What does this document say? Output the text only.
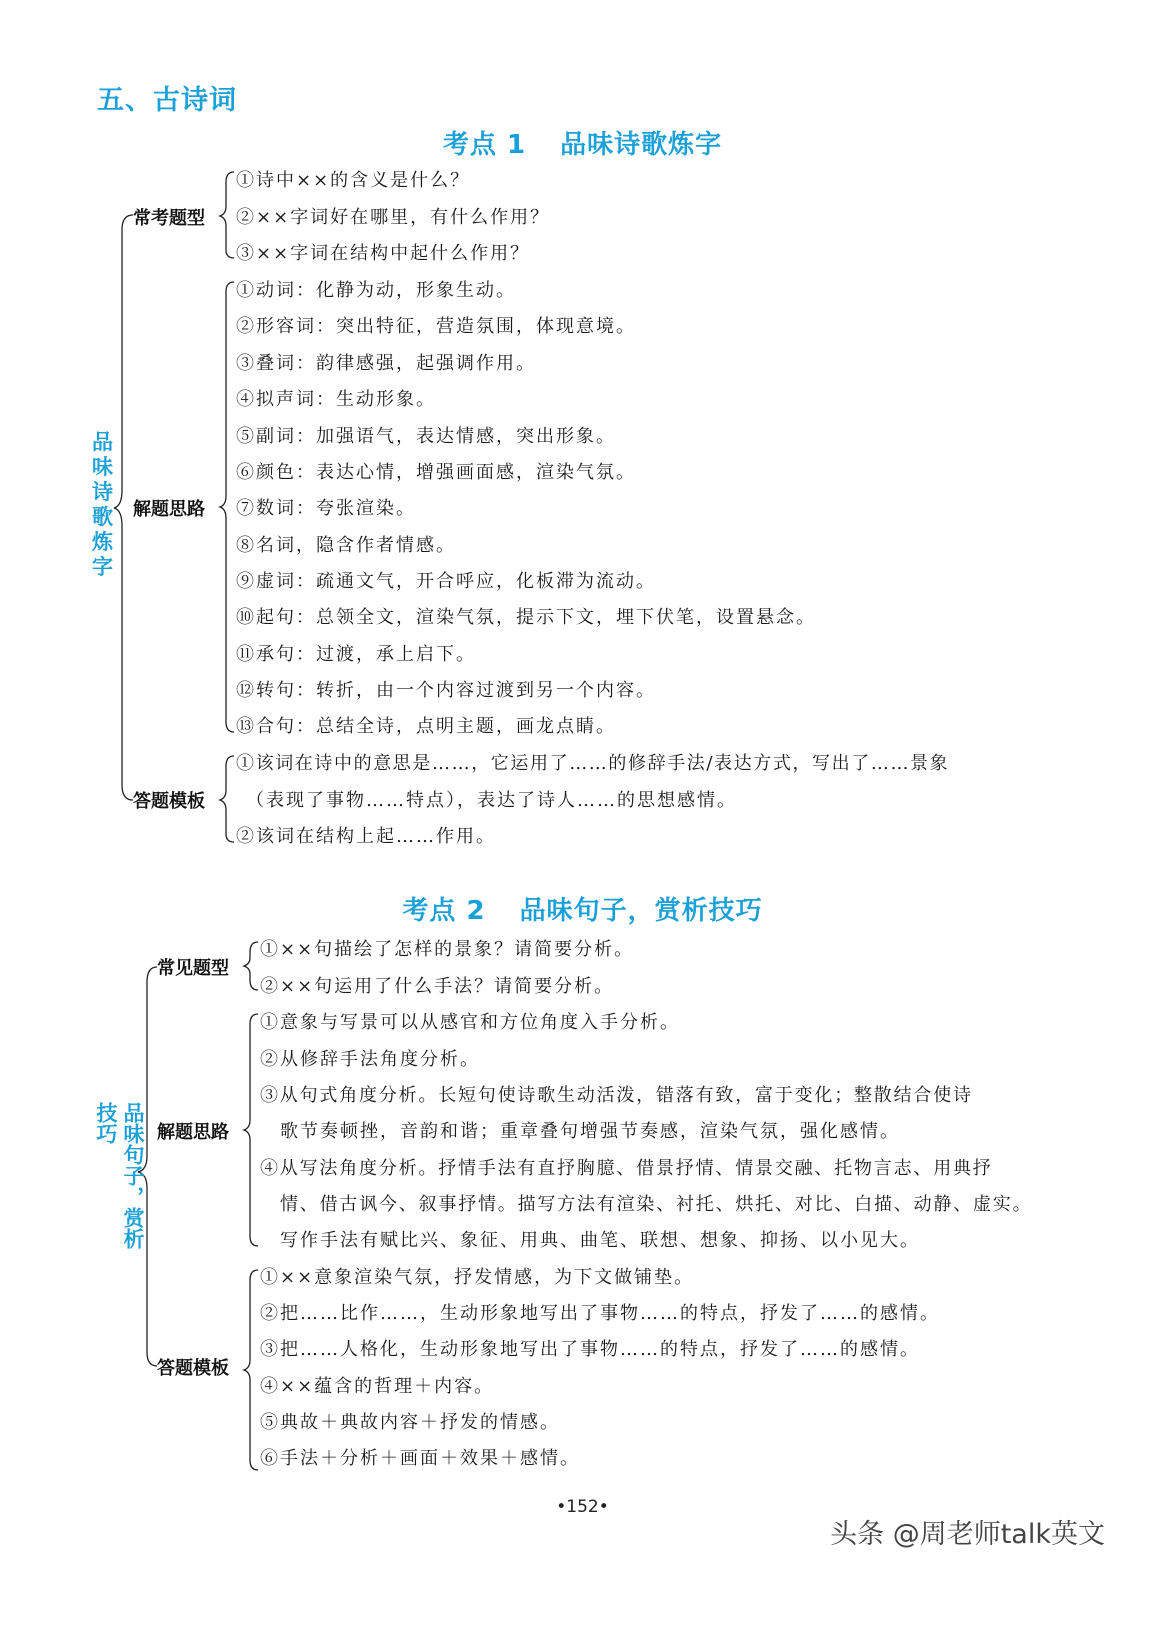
五、古诗词
考点 1 品味诗歌炼字
品味诗歌炼字
常考题型
解题思路
答题模板
①诗中××的含义是什么？
②××字词好在哪里，有什么作用？
③××字词在结构中起什么作用？
①动词：化静为动，形象生动。
②形容词：突出特征，营造氛围，体现意境。
③叠词：韵律感强，起强调作用。
④拟声词：生动形象。
⑤副词：加强语气，表达情感，突出形象。
⑥颜色：表达心情，增强画面感，渲染气氛。
⑦数词：夸张渲染。
⑧名词，隐含作者情感。
⑨虚词：疏通文气，开合呼应，化板滞为流动。
⑩起句：总领全文，渲染气氛，提示下文，埋下伏笔，设置悬念。
⑪承句：过渡，承上启下。
⑫转句：转折，由一个内容过渡到另一个内容。
⑬合句：总结全诗，点明主题，画龙点睛。
①该词在诗中的意思是……，它运用了……的修辞手法/表达方式，写出了……景象
（表现了事物……特点），表达了诗人……的思想感情。
②该词在结构上起……作用。
考点 2 品味句子，赏析技巧
品味句子，赏析技巧
常见题型
解题思路
答题模板
①××句描绘了怎样的景象？请简要分析。
②××句运用了什么手法？请简要分析。
①意象与写景可以从感官和方位角度入手分析。
②从修辞手法角度分析。
③从句式角度分析。长短句使诗歌生动活泼，错落有致，富于变化；整散结合使诗
歌节奏顿挫，音韵和谐；重章叠句增强节奏感，渲染气氛，强化感情。
④从写法角度分析。抒情手法有直抒胸臆、借景抒情、情景交融、托物言志、用典抒
情、借古讽今、叙事抒情。描写方法有渲染、衬托、烘托、对比、白描、动静、虚实。
写作手法有赋比兴、象征、用典、曲笔、联想、想象、抑扬、以小见大。
①××意象渲染气氛，抒发情感，为下文做铺垫。
②把……比作……，生动形象地写出了事物……的特点，抒发了……的感情。
③把……人格化，生动形象地写出了事物……的特点，抒发了……的感情。
④××蕴含的哲理＋内容。
⑤典故＋典故内容＋抒发的情感。
⑥手法＋分析＋画面＋效果＋感情。
•152•
头条 @周老师talk英文
